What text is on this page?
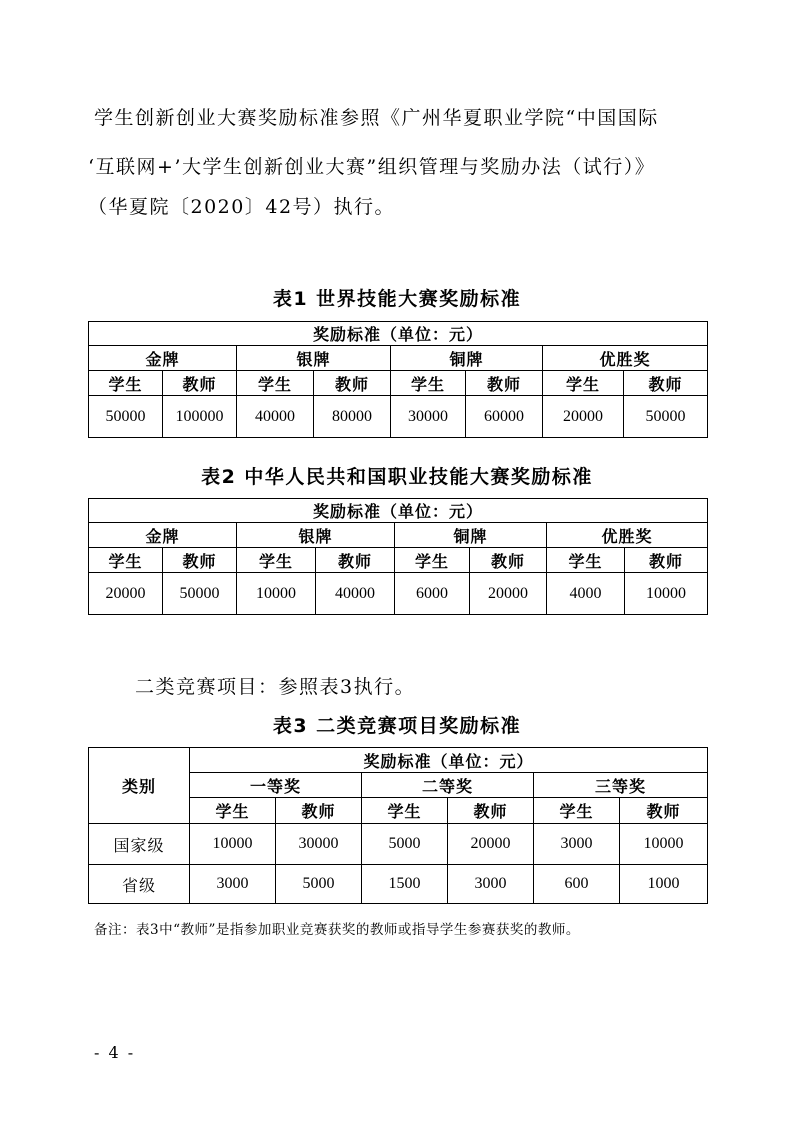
学生创新创业大赛奖励标准参照《广州华夏职业学院“中国国际
‘互联网+’大学生创新创业大赛”组织管理与奖励办法（试行）》
（华夏院〔2020〕42号）执行。
表1 世界技能大赛奖励标准
奖励标准（单位：元）							
金牌		银牌		铜牌		优胜奖	
学生	教师	学生	教师	学生	教师	学生	教师
50000	100000	40000	80000	30000	60000	20000	50000
表2 中华人民共和国职业技能大赛奖励标准
奖励标准（单位：元）							
金牌		银牌		铜牌		优胜奖	
学生	教师	学生	教师	学生	教师	学生	教师
20000	50000	10000	40000	6000	20000	4000	10000
二类竞赛项目：参照表3执行。
表3 二类竞赛项目奖励标准
类别	奖励标准（单位：元）					
	一等奖		二等奖		三等奖	
	学生	教师	学生	教师	学生	教师
国家级	10000	30000	5000	20000	3000	10000
省级	3000	5000	1500	3000	600	1000
备注：表3中“教师”是指参加职业竞赛获奖的教师或指导学生参赛获奖的教师。
- 4 -
